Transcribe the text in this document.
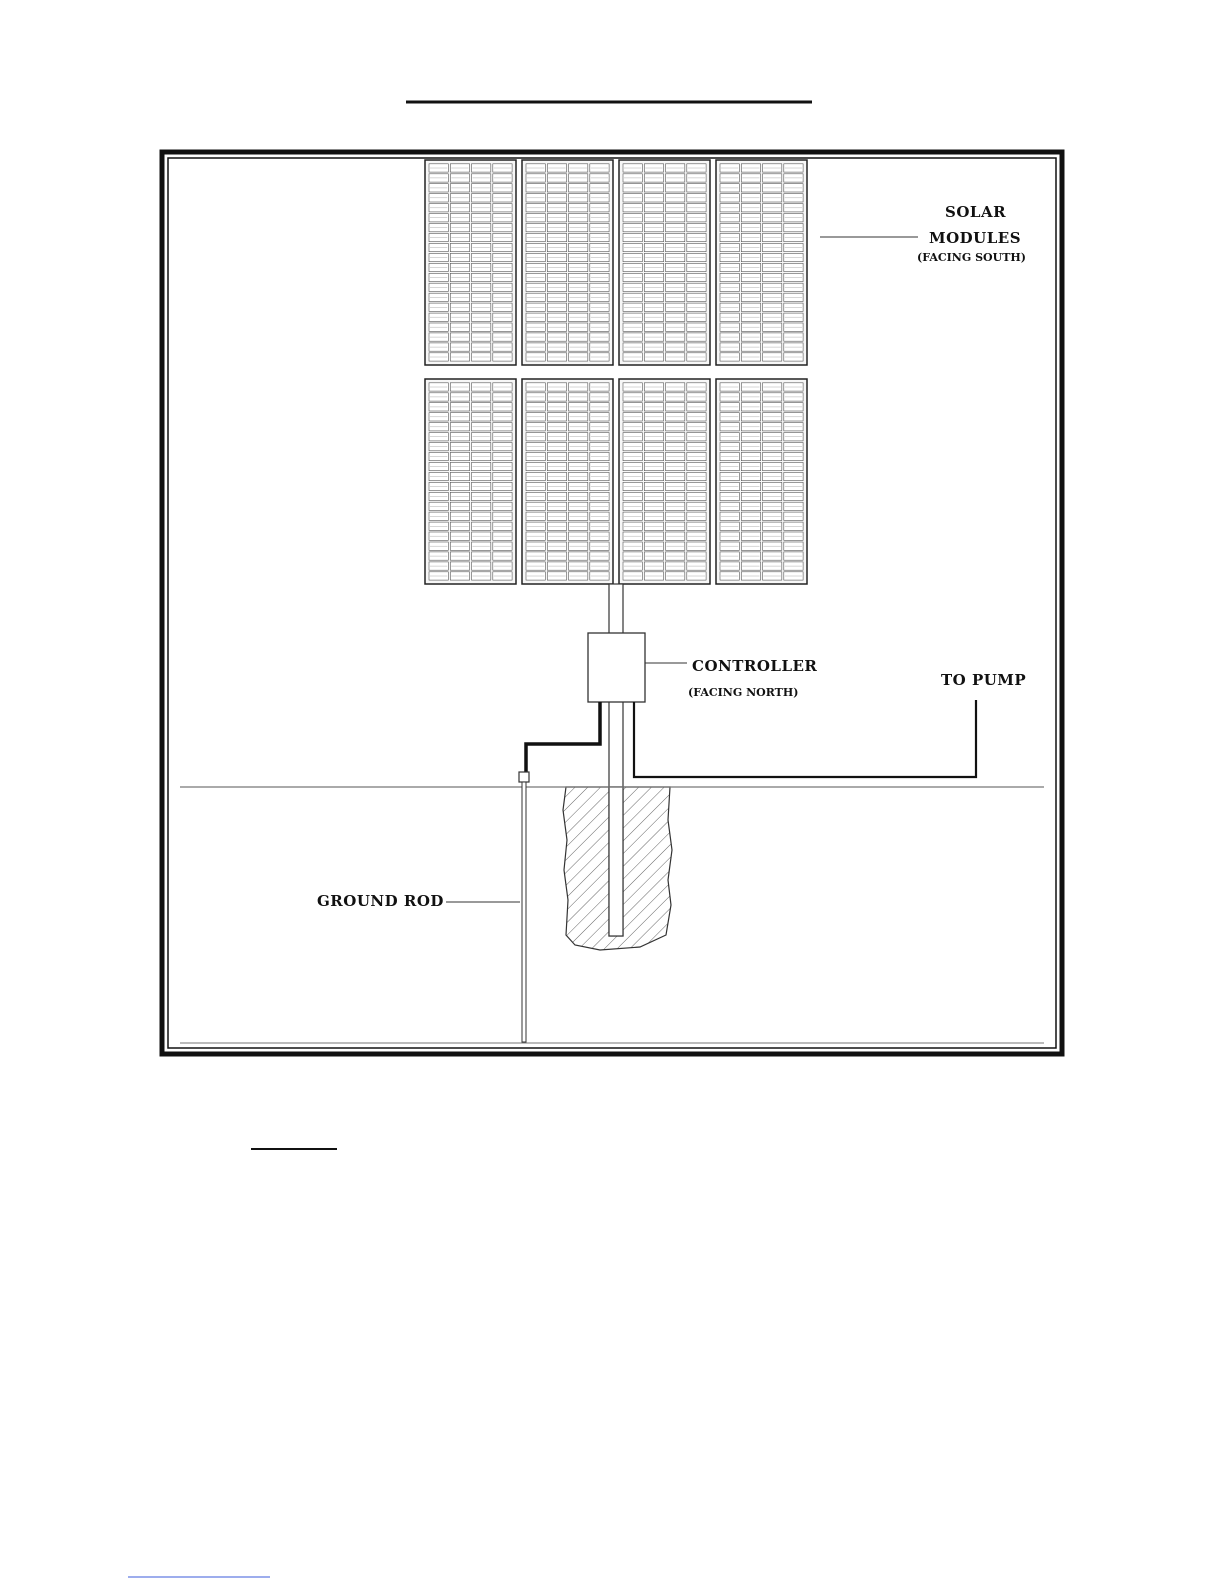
SOLAR
MODULES
(FACING SOUTH)
CONTROLLER
(FACING NORTH)
TO PUMP
GROUND ROD
